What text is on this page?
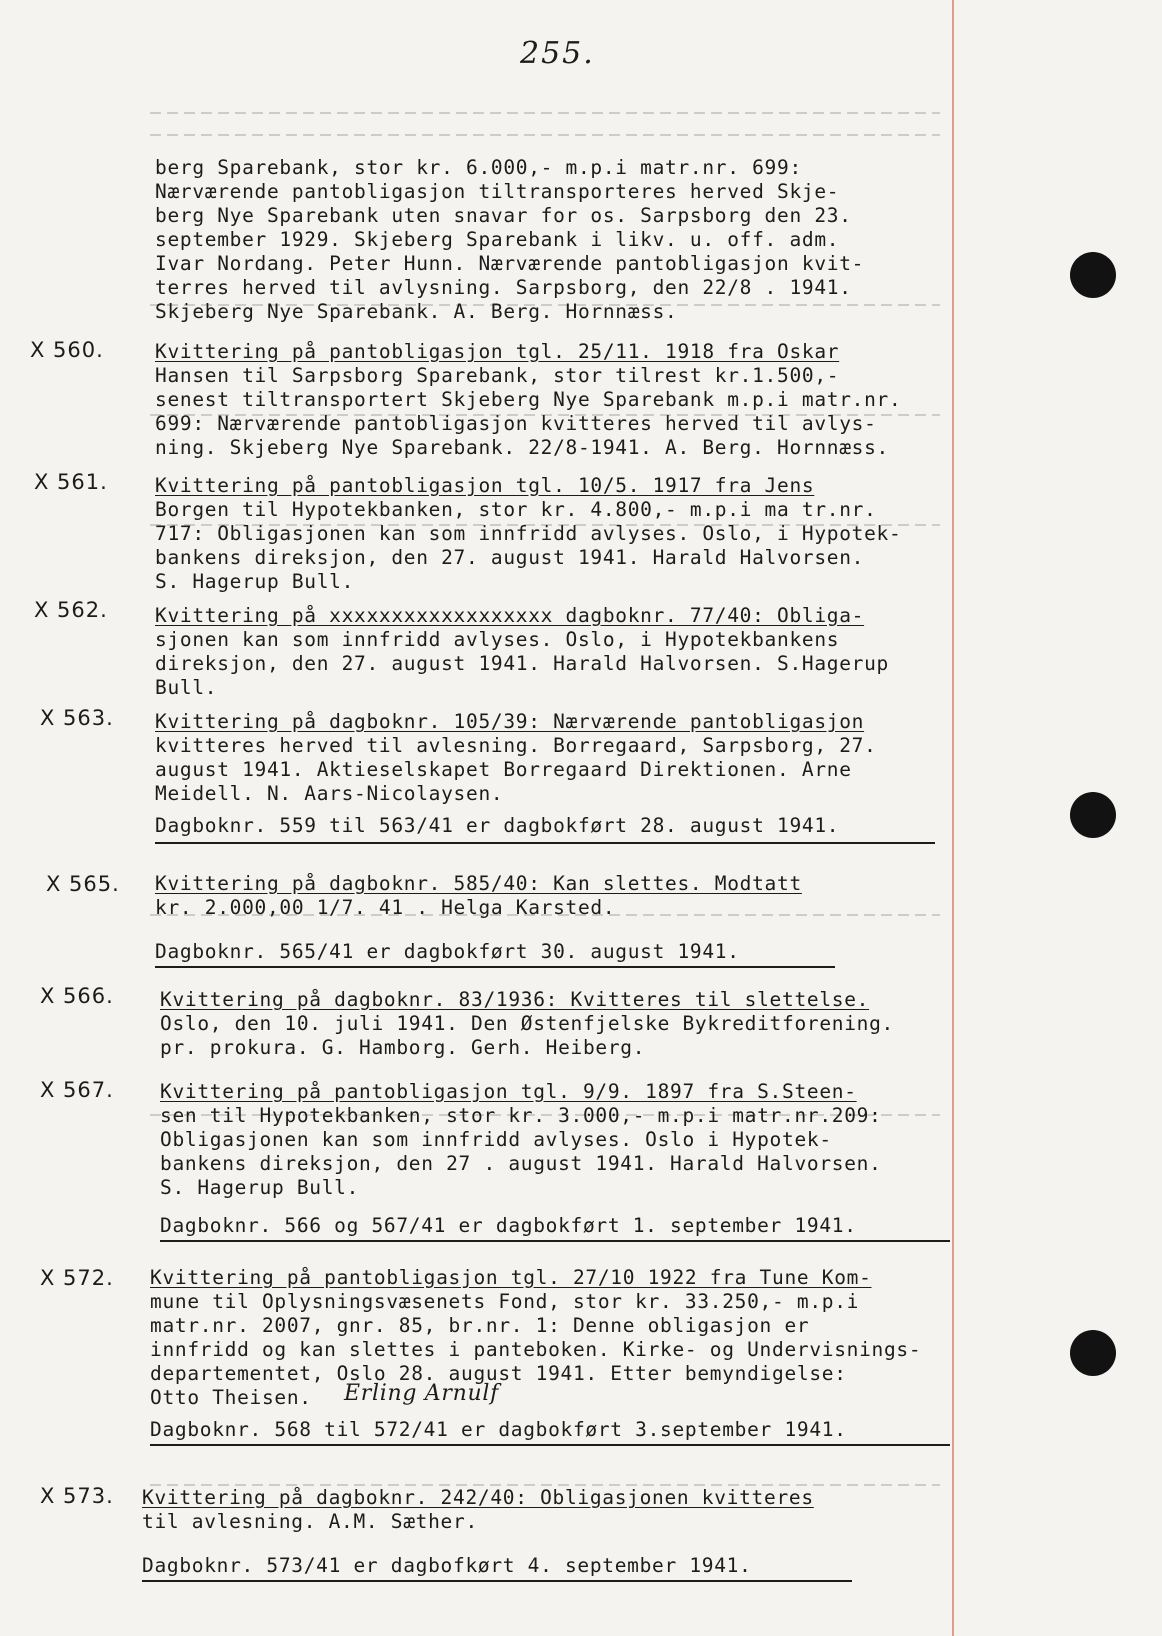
255.
berg Sparebank, stor kr. 6.000,- m.p.i matr.nr. 699:
Nærværende pantobligasjon tiltransporteres herved Skje-
berg Nye Sparebank uten snavar for os. Sarpsborg den 23.
september 1929. Skjeberg Sparebank i likv. u. off. adm.
Ivar Nordang. Peter Hunn. Nærværende pantobligasjon kvit-
terres herved til avlysning. Sarpsborg, den 22/8 . 1941.
Skjeberg Nye Sparebank. A. Berg. Hornnæss.
X 560.	Kvittering på pantobligasjon tgl. 25/11. 1918 fra Oskar
Hansen til Sarpsborg Sparebank, stor tilrest kr.1.500,-
senest tiltransportert Skjeberg Nye Sparebank m.p.i matr.nr.
699: Nærværende pantobligasjon kvitteres herved til avlys-
ning. Skjeberg Nye Sparebank. 22/8-1941. A. Berg. Hornnæss.
X 561. Kvittering på pantobligasjon tgl. 10/5. 1917 fra Jens
Borgen til Hypotekbanken, stor kr. 4.800,- m.p.i ma tr.nr.
717: Obligasjonen kan som innfridd avlyses. Oslo, i Hypotek-
bankens direksjon, den 27. august 1941. Harald Halvorsen.
S. Hagerup Bull.
X 562. Kvittering på xxxxxxxxxxxxxxxxxx dagboknr. 77/40: Obliga-
sjonen kan som innfridd avlyses. Oslo, i Hypotekbankens
direksjon, den 27. august 1941. Harald Halvorsen. S.Hagerup
Bull.
X 563. Kvittering på dagboknr. 105/39: Nærværende pantobligasjon
kvitteres herved til avlesning. Borregaard, Sarpsborg, 27.
august 1941. Aktieselskapet Borregaard Direktionen. Arne
Meidell. N. Aars-Nicolaysen.
Dagboknr. 559 til 563/41 er dagbokført 28. august 1941.
X 565. Kvittering på dagboknr. 585/40: Kan slettes. Modtatt
kr. 2.000,00 1/7. 41 . Helga Karsted.
Dagboknr. 565/41 er dagbokført 30. august 1941.
X 566. Kvittering på dagboknr. 83/1936: Kvitteres til slettelse.
Oslo, den 10. juli 1941. Den Østenfjelske Bykreditforening.
pr. prokura. G. Hamborg. Gerh. Heiberg.
X 567. Kvittering på pantobligasjon tgl. 9/9. 1897 fra S.Steen-
sen til Hypotekbanken, stor kr. 3.000,- m.p.i matr.nr.209:
Obligasjonen kan som innfridd avlyses. Oslo i Hypotek-
bankens direksjon, den 27 . august 1941. Harald Halvorsen.
S. Hagerup Bull.
Dagboknr. 566 og 567/41 er dagbokført 1. september 1941.
X 572. Kvittering på pantobligasjon tgl. 27/10 1922 fra Tune Kom-
mune til Oplysningsvæsenets Fond, stor kr. 33.250,- m.p.i
matr.nr. 2007, gnr. 85, br.nr. 1: Denne obligasjon er
innfridd og kan slettes i panteboken. Kirke- og Undervisnings-
departementet, Oslo 28. august 1941. Etter bemyndigelse:
Otto Theisen. Erling Arnulf
Dagboknr. 568 til 572/41 er dagbokført 3.september 1941.
X 573. Kvittering på dagboknr. 242/40: Obligasjonen kvitteres
til avlesning. A.M. Sæther.
Dagboknr. 573/41 er dagbofkørt 4. september 1941.
